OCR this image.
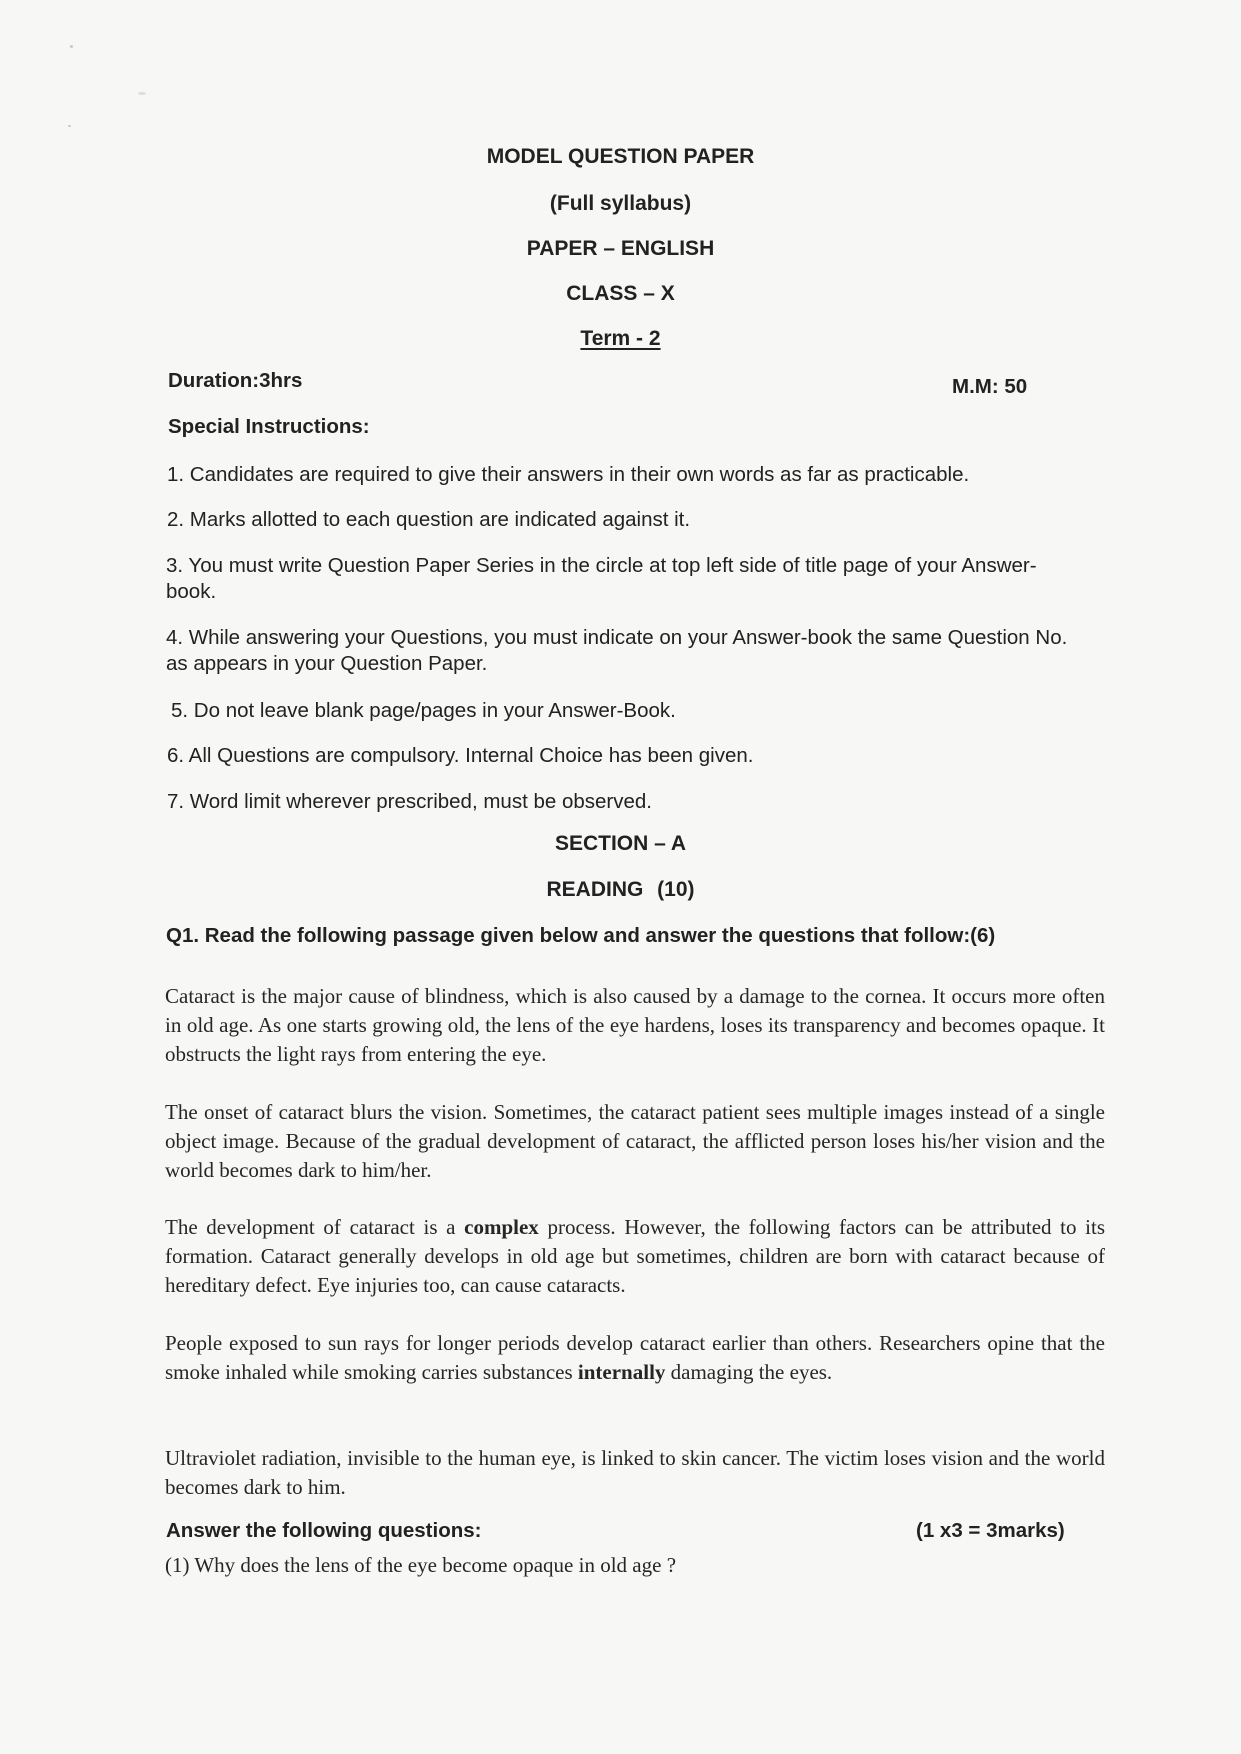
MODEL QUESTION PAPER
(Full syllabus)
PAPER – ENGLISH
CLASS – X
Term - 2
Duration:3hrs	M.M: 50
Special Instructions:
1. Candidates are required to give their answers in their own words as far as practicable.
2. Marks allotted to each question are indicated against it.
3. You must write Question Paper Series in the circle at top left side of title page of your Answer-book.
4. While answering your Questions, you must indicate on your Answer-book the same Question No. as appears in your Question Paper.
5. Do not leave blank page/pages in your Answer-Book.
6. All Questions are compulsory. Internal Choice has been given.
7. Word limit wherever prescribed, must be observed.
SECTION – A
READING (10)
Q1. Read the following passage given below and answer the questions that follow:(6)
Cataract is the major cause of blindness, which is also caused by a damage to the cornea. It occurs more often in old age. As one starts growing old, the lens of the eye hardens, loses its transparency and becomes opaque. It obstructs the light rays from entering the eye.
The onset of cataract blurs the vision. Sometimes, the cataract patient sees multiple images instead of a single object image. Because of the gradual development of cataract, the afflicted person loses his/her vision and the world becomes dark to him/her.
The development of cataract is a complex process. However, the following factors can be attributed to its formation. Cataract generally develops in old age but sometimes, children are born with cataract because of hereditary defect. Eye injuries too, can cause cataracts.
People exposed to sun rays for longer periods develop cataract earlier than others. Researchers opine that the smoke inhaled while smoking carries substances internally damaging the eyes.
Ultraviolet radiation, invisible to the human eye, is linked to skin cancer. The victim loses vision and the world becomes dark to him.
Answer the following questions:	(1 x3 = 3marks)
(1) Why does the lens of the eye become opaque in old age ?
